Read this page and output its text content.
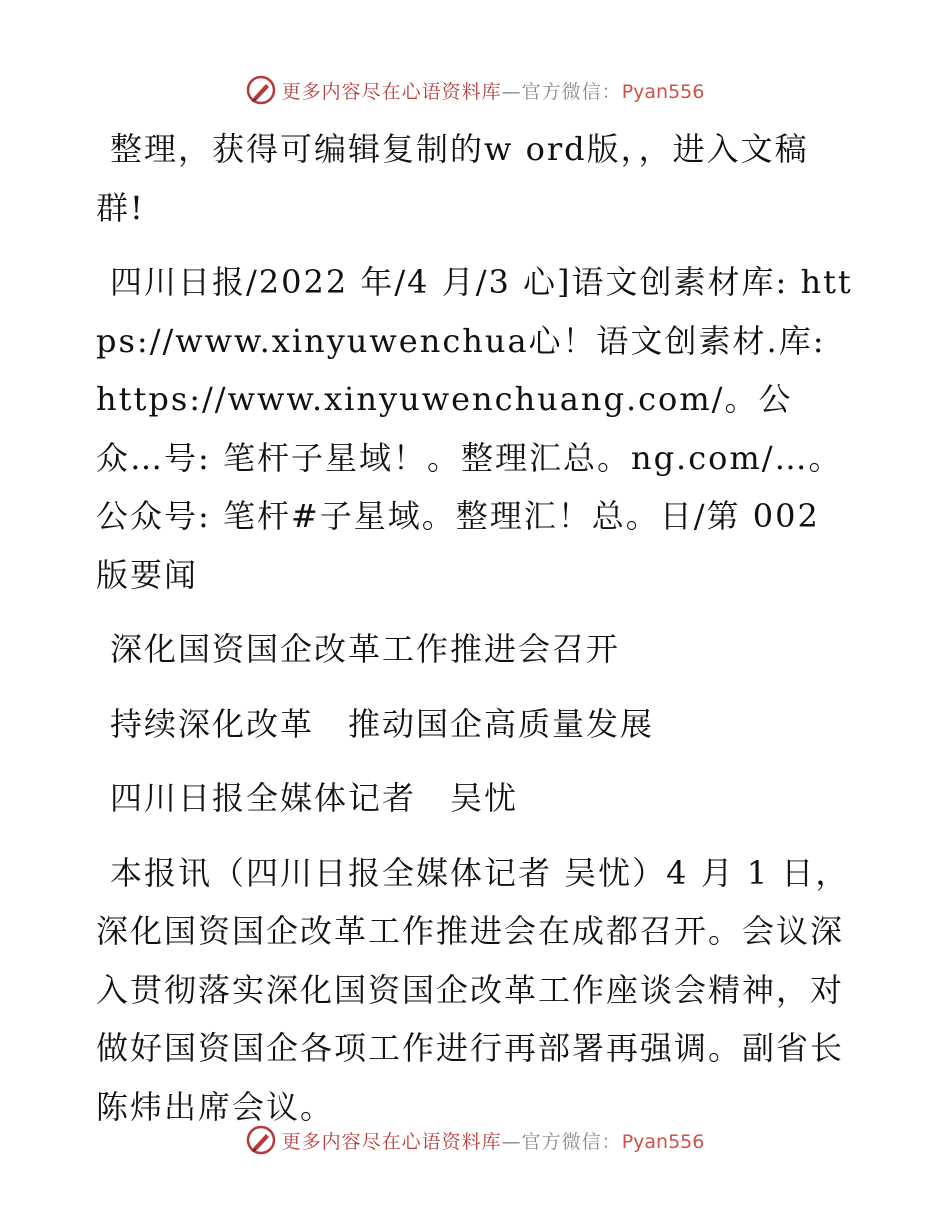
更多内容尽在心语资料库—官方微信：Pyan556

整理，获得可编辑复制的w ord版，，进入文稿群!

四川日报/2022 年/4 月/3 心]语文创素材库: https://www.xinyuwenchua心！语文创素材.库: https://www.xinyuwenchuang.com/。公众…号: 笔杆子星域！。整理汇总。ng.com/…。公众号: 笔杆#子星域。整理汇！总。日/第 002 版要闻

深化国资国企改革工作推进会召开

持续深化改革　推动国企高质量发展

四川日报全媒体记者　吴忧

本报讯（四川日报全媒体记者 吴忧）4 月 1 日，深化国资国企改革工作推进会在成都召开。会议深入贯彻落实深化国资国企改革工作座谈会精神，对做好国资国企各项工作进行再部署再强调。副省长陈炜出席会议。

更多内容尽在心语资料库—官方微信：Pyan556
